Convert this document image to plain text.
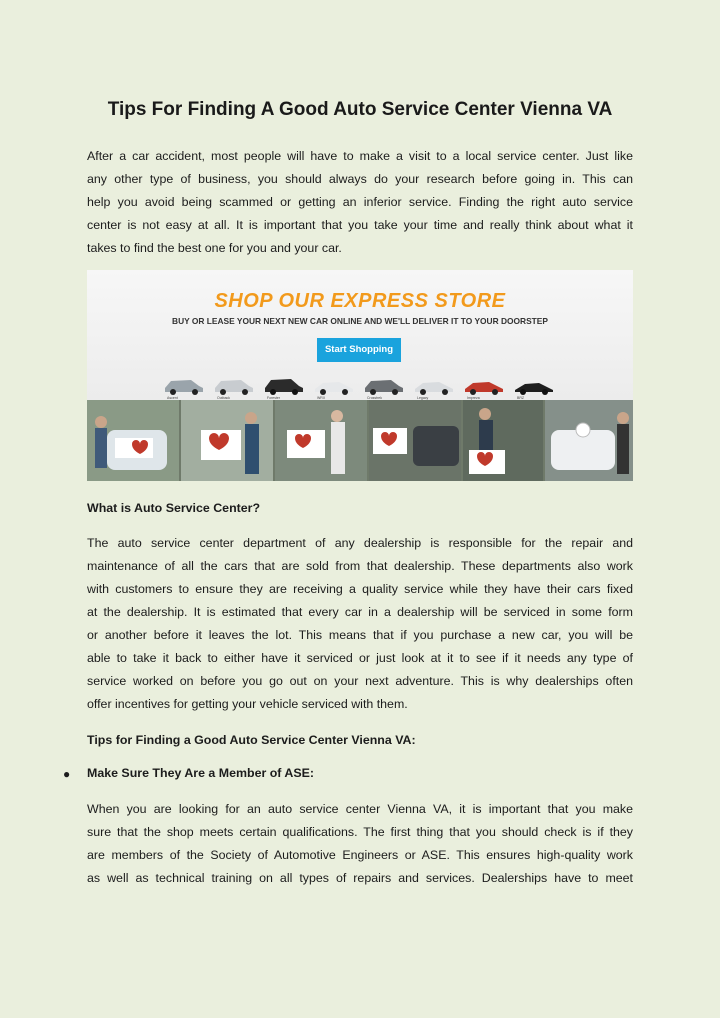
Tips For Finding A Good Auto Service Center Vienna VA

After a car accident, most people will have to make a visit to a local service center. Just like

any other type of business, you should always do your research before going in. This can

help you avoid being scammed or getting an inferior service. Finding the right auto service

center is not easy at all. It is important that you take your time and really think about what it

takes to find the best one for you and your car.

SHOP OUR EXPRESS STORE
BUY OR LEASE YOUR NEXT NEW CAR ONLINE AND WE'LL DELIVER IT TO YOUR DOORSTEP
Start Shopping
Ascent	Outback	Forester	WRX	Crosstrek	Legacy	Impreza	BRZ

What is Auto Service Center?

The auto service center department of any dealership is responsible for the repair and

maintenance of all the cars that are sold from that dealership. These departments also work

with customers to ensure they are receiving a quality service while they have their cars fixed

at the dealership. It is estimated that every car in a dealership will be serviced in some form

or another before it leaves the lot. This means that if you purchase a new car, you will be

able to take it back to either have it serviced or just look at it to see if it needs any type of

service worked on before you go out on your next adventure. This is why dealerships often

offer incentives for getting your vehicle serviced with them.

Tips for Finding a Good Auto Service Center Vienna VA:

● Make Sure They Are a Member of ASE:

When you are looking for an auto service center Vienna VA, it is important that you make

sure that the shop meets certain qualifications. The first thing that you should check is if they

are members of the Society of Automotive Engineers or ASE. This ensures high-quality work

as well as technical training on all types of repairs and services. Dealerships have to meet
